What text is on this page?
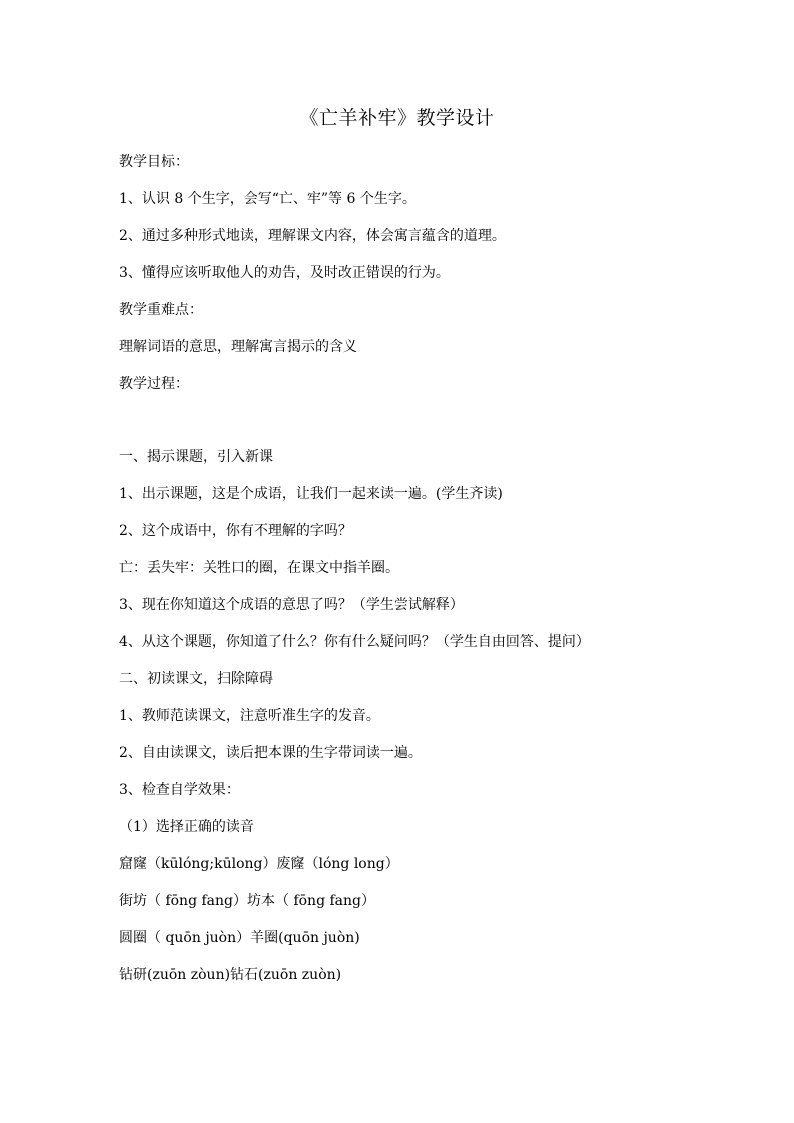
《亡羊补牢》教学设计
教学目标：
1、认识 8 个生字，会写“亡、牢”等 6 个生字。
2、通过多种形式地读，理解课文内容，体会寓言蕴含的道理。
3、懂得应该听取他人的劝告，及时改正错误的行为。
教学重难点：
理解词语的意思，理解寓言揭示的含义
教学过程：
一、揭示课题，引入新课
1、出示课题，这是个成语，让我们一起来读一遍。(学生齐读)
2、这个成语中，你有不理解的字吗？
亡：丢失牢：关牲口的圈，在课文中指羊圈。
3、现在你知道这个成语的意思了吗？（学生尝试解释）
4、从这个课题，你知道了什么？你有什么疑问吗？（学生自由回答、提问）
二、初读课文，扫除障碍
1、教师范读课文，注意听准生字的发音。
2、自由读课文，读后把本课的生字带词读一遍。
3、检查自学效果：
（1）选择正确的读音
窟窿（kūlóng;kūlong）废窿（lóng long）
街坊（ fōng fang）坊本（ fōng fang）
圆圈（ quōn juòn）羊圈(quōn juòn)
钻研(zuōn zòun)钻石(zuōn zuòn)
